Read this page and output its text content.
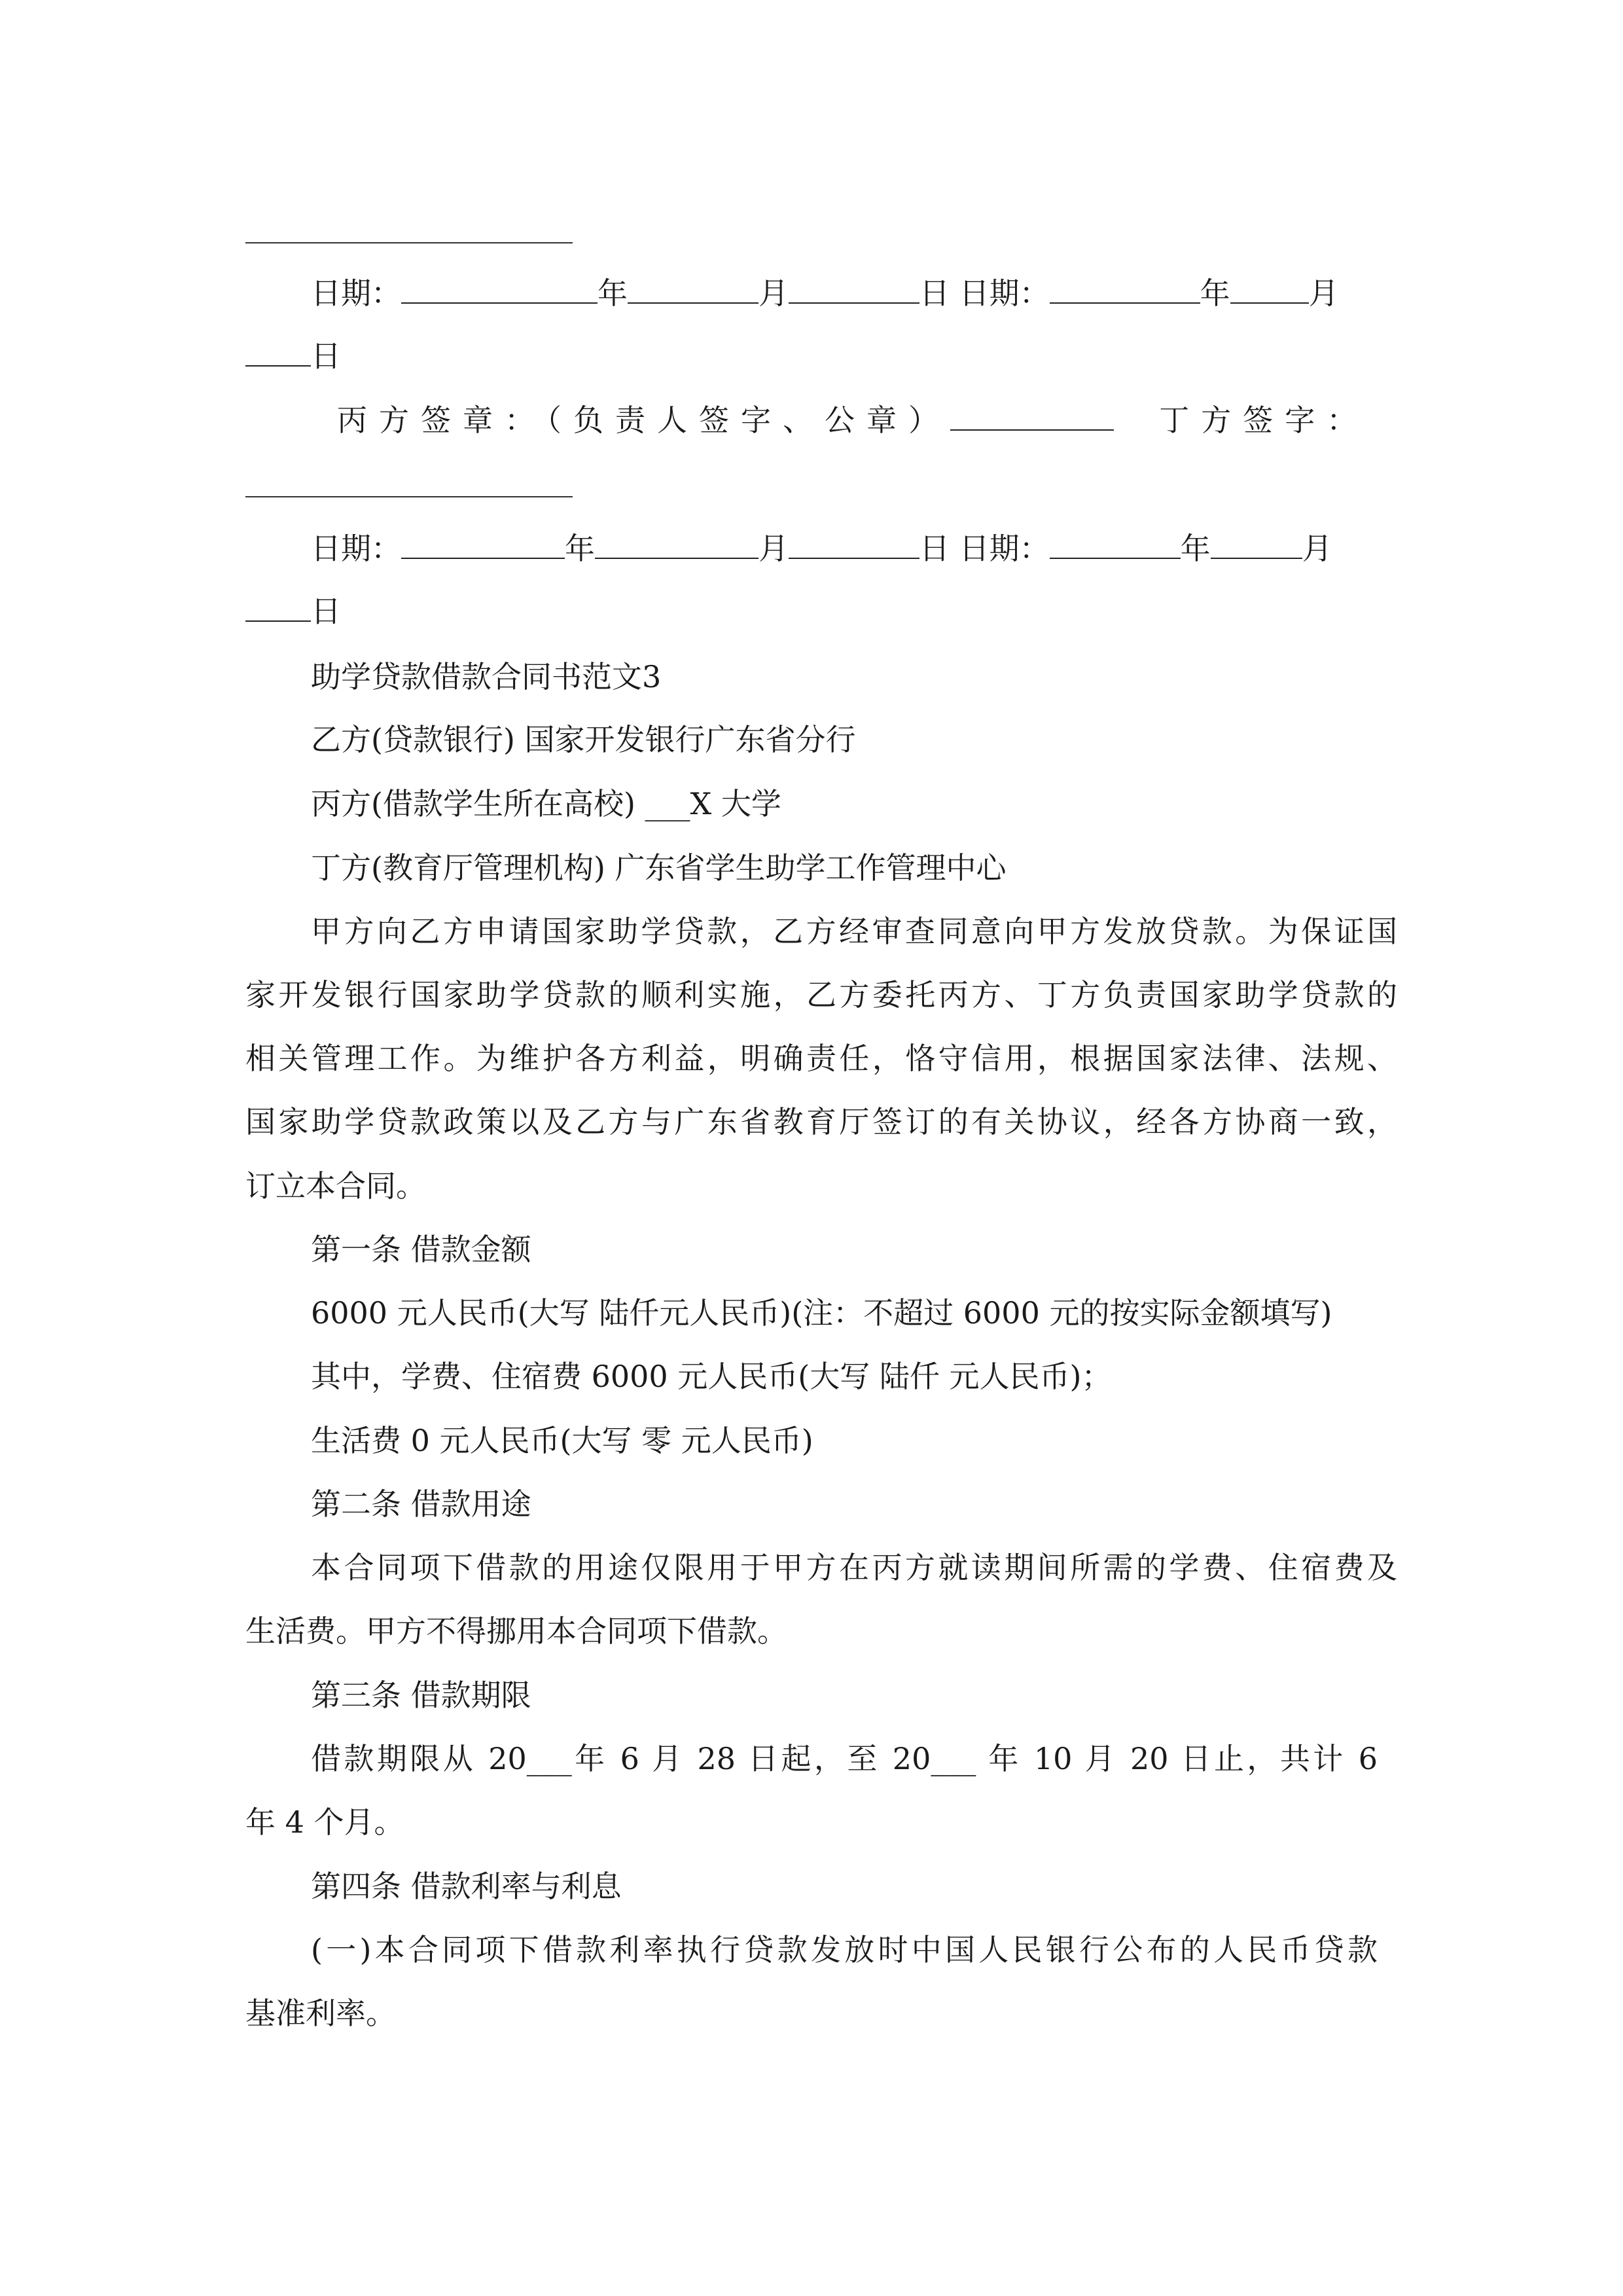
日期：	年	月	日 日期：	年	月
日
丙方签章：（负责人签字、公章）	丁方签字：
日期：	年	月	日 日期：	年	月
日
助学贷款借款合同书范文3
乙方(贷款银行) 国家开发银行广东省分行
丙方(借款学生所在高校) ___X 大学
丁方(教育厅管理机构) 广东省学生助学工作管理中心
甲方向乙方申请国家助学贷款，乙方经审查同意向甲方发放贷款。为保证国
家开发银行国家助学贷款的顺利实施，乙方委托丙方、丁方负责国家助学贷款的
相关管理工作。为维护各方利益，明确责任，恪守信用，根据国家法律、法规、
国家助学贷款政策以及乙方与广东省教育厅签订的有关协议，经各方协商一致，
订立本合同。
第一条 借款金额
6000 元人民币(大写 陆仟元人民币)(注：不超过 6000 元的按实际金额填写)
其中，学费、住宿费 6000 元人民币(大写 陆仟 元人民币)；
生活费 0 元人民币(大写 零 元人民币)
第二条 借款用途
本合同项下借款的用途仅限用于甲方在丙方就读期间所需的学费、住宿费及
生活费。甲方不得挪用本合同项下借款。
第三条 借款期限
借款期限从 20___年 6 月 28 日起，至 20___ 年 10 月 20 日止，共计 6
年 4 个月。
第四条 借款利率与利息
(一)本合同项下借款利率执行贷款发放时中国人民银行公布的人民币贷款
基准利率。
